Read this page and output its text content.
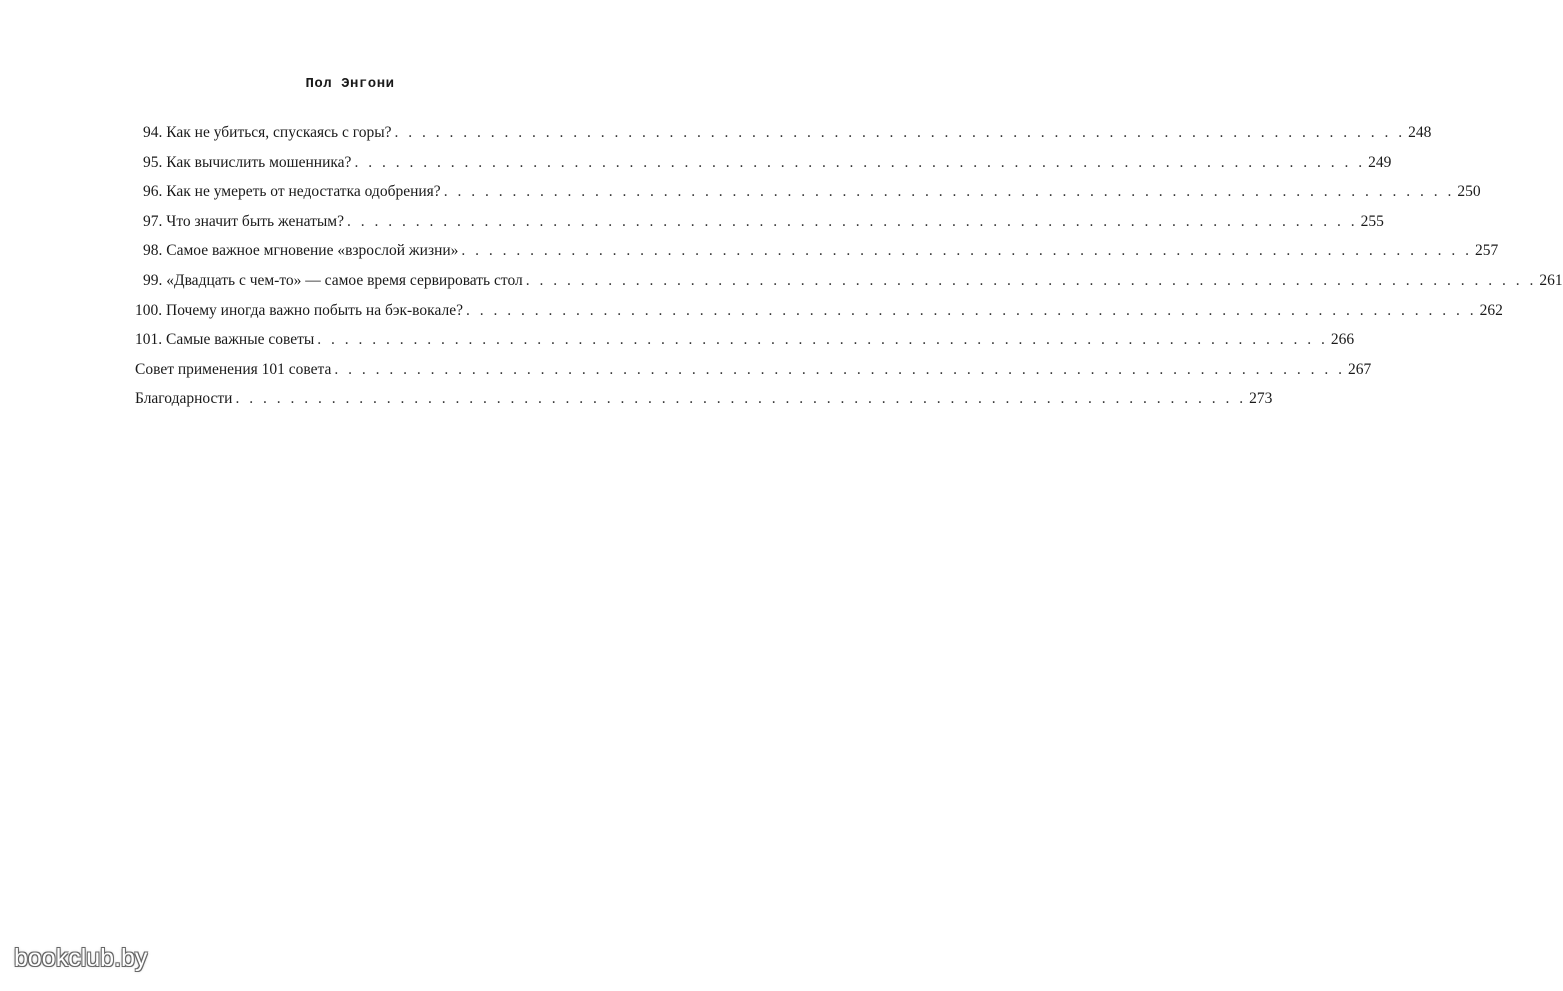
Пол Энгони
94. Как не убиться, спускаясь с горы? . . .	248
95. Как вычислить мошенника? . . .	249
96. Как не умереть от недостатка одобрения? . . .	250
97. Что значит быть женатым? . . .	255
98. Самое важное мгновение «взрослой жизни» . . .	257
99. «Двадцать с чем-то» — самое время сервировать стол . . .	261
100. Почему иногда важно побыть на бэк-вокале? . . .	262
101. Самые важные советы . . .	266
Совет применения 101 совета . . .	267
Благодарности . . .	273
bookclub.by
